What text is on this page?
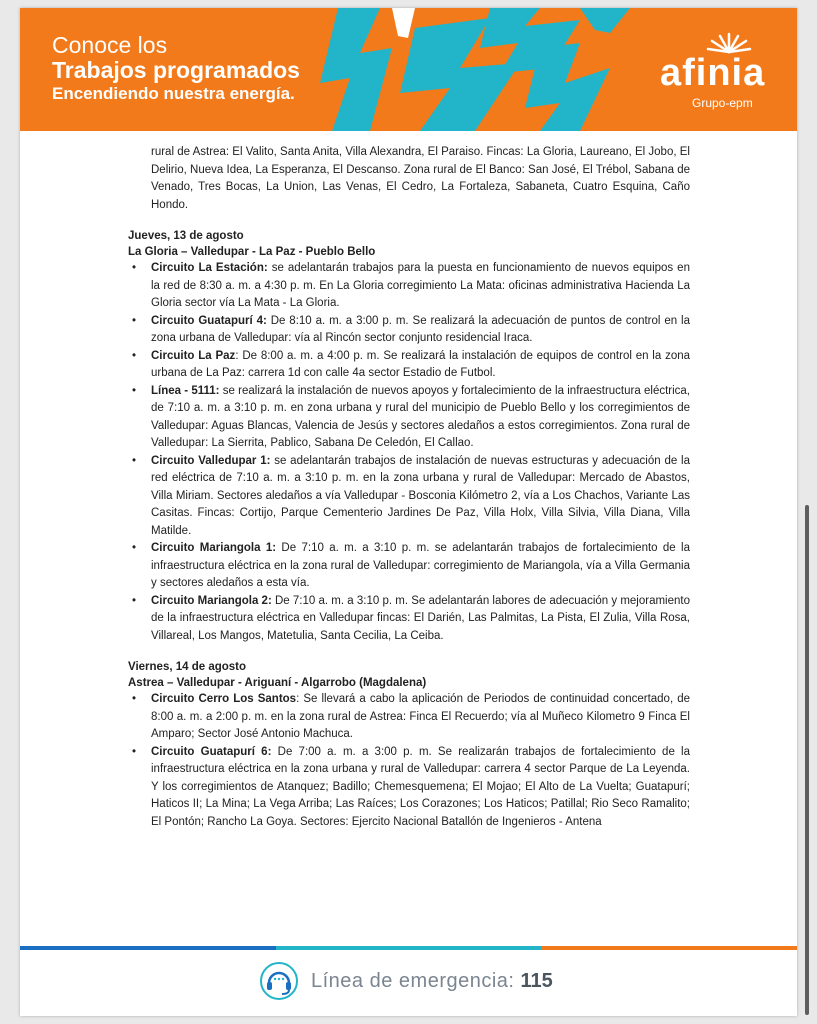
Conoce los
Trabajos programados
Encendiendo nuestra energía.	afinia
Grupo-epm

rural de Astrea: El Valito, Santa Anita, Villa Alexandra, El Paraiso. Fincas: La Gloria, Laureano, El Jobo, El Delirio, Nueva Idea, La Esperanza, El Descanso. Zona rural de El Banco: San José, El Trébol, Sabana de Venado, Tres Bocas, La Union, Las Venas, El Cedro, La Fortaleza, Sabaneta, Cuatro Esquina, Caño Hondo.

Jueves, 13 de agosto
La Gloria – Valledupar - La Paz - Pueblo Bello
• Circuito La Estación: se adelantarán trabajos para la puesta en funcionamiento de nuevos equipos en la red de 8:30 a. m. a 4:30 p. m. En La Gloria corregimiento La Mata: oficinas administrativa Hacienda La Gloria sector vía La Mata - La Gloria.
• Circuito Guatapurí 4: De 8:10 a. m. a 3:00 p. m. Se realizará la adecuación de puntos de control en la zona urbana de Valledupar: vía al Rincón sector conjunto residencial Iraca.
• Circuito La Paz: De 8:00 a. m. a 4:00 p. m. Se realizará la instalación de equipos de control en la zona urbana de La Paz: carrera 1d con calle 4a sector Estadio de Futbol.
• Línea - 5111: se realizará la instalación de nuevos apoyos y fortalecimiento de la infraestructura eléctrica, de 7:10 a. m. a 3:10 p. m. en zona urbana y rural del municipio de Pueblo Bello y los corregimientos de Valledupar: Aguas Blancas, Valencia de Jesús y sectores aledaños a estos corregimientos. Zona rural de Valledupar: La Sierrita, Pablico, Sabana De Celedón, El Callao.
• Circuito Valledupar 1: se adelantarán trabajos de instalación de nuevas estructuras y adecuación de la red eléctrica de 7:10 a. m. a 3:10 p. m. en la zona urbana y rural de Valledupar: Mercado de Abastos, Villa Miriam. Sectores aledaños a vía Valledupar - Bosconia Kilómetro 2, vía a Los Chachos, Variante Las Casitas. Fincas: Cortijo, Parque Cementerio Jardines De Paz, Villa Holx, Villa Silvia, Villa Diana, Villa Matilde.
• Circuito Mariangola 1: De 7:10 a. m. a 3:10 p. m. se adelantarán trabajos de fortalecimiento de la infraestructura eléctrica en la zona rural de Valledupar: corregimiento de Mariangola, vía a Villa Germania y sectores aledaños a esta vía.
• Circuito Mariangola 2: De 7:10 a. m. a 3:10 p. m. Se adelantarán labores de adecuación y mejoramiento de la infraestructura eléctrica en Valledupar fincas: El Darién, Las Palmitas, La Pista, El Zulia, Villa Rosa, Villareal, Los Mangos, Matetulia, Santa Cecilia, La Ceiba.
Viernes, 14 de agosto
Astrea – Valledupar - Ariguaní - Algarrobo (Magdalena)
• Circuito Cerro Los Santos: Se llevará a cabo la aplicación de Periodos de continuidad concertado, de 8:00 a. m. a 2:00 p. m. en la zona rural de Astrea: Finca El Recuerdo; vía al Muñeco Kilometro 9 Finca El Amparo; Sector José Antonio Machuca.
• Circuito Guatapurí 6: De 7:00 a. m. a 3:00 p. m. Se realizarán trabajos de fortalecimiento de la infraestructura eléctrica en la zona urbana y rural de Valledupar: carrera 4 sector Parque de La Leyenda. Y los corregimientos de Atanquez; Badillo; Chemesquemena; El Mojao; El Alto de La Vuelta; Guatapurí; Haticos II; La Mina; La Vega Arriba; Las Raíces; Los Corazones; Los Haticos; Patillal; Rio Seco Ramalito; El Pontón; Rancho La Goya. Sectores: Ejercito Nacional Batallón de Ingenieros - Antena
Línea de emergencia: 115
